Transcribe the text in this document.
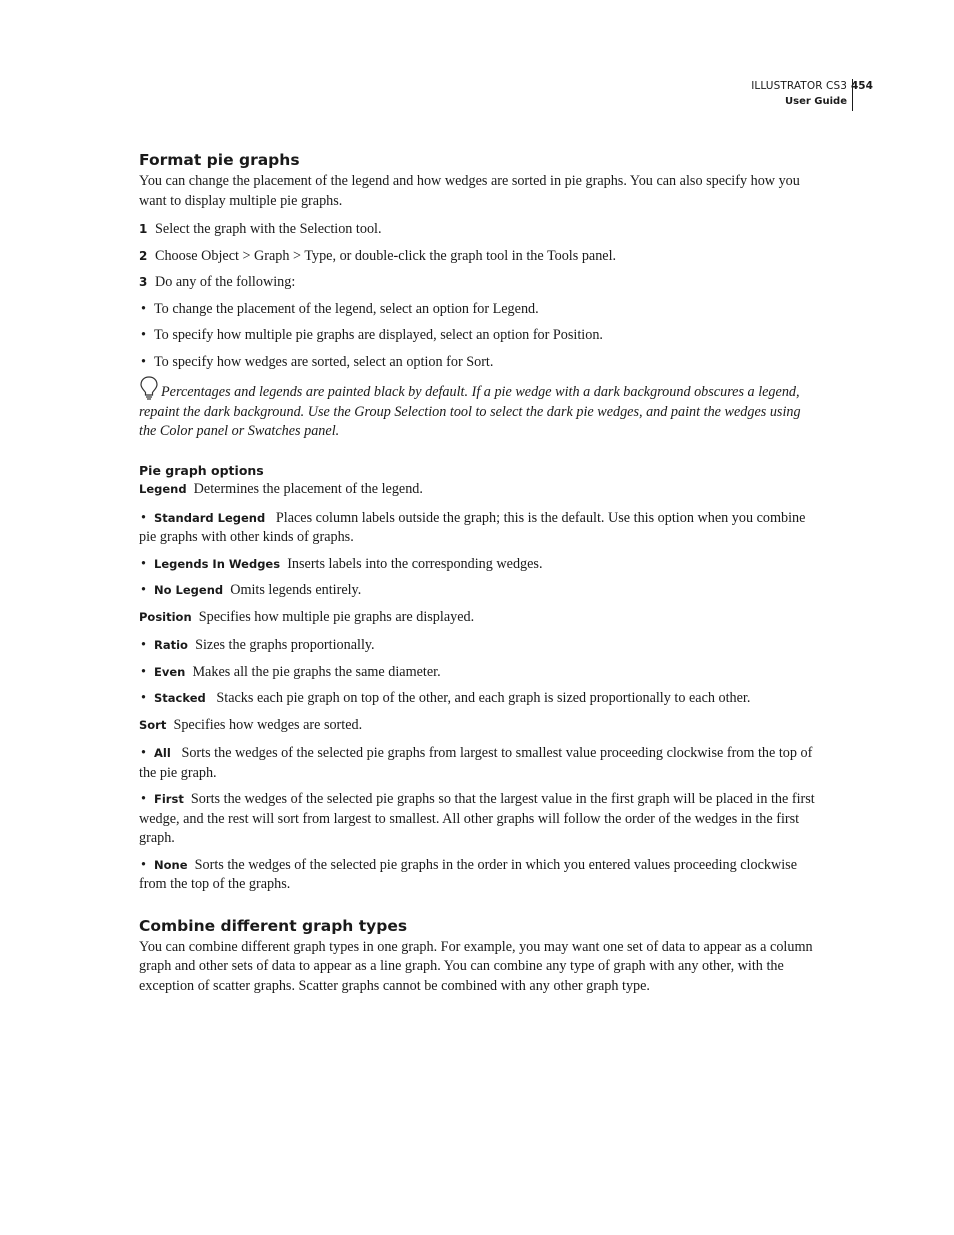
ILLUSTRATOR CS3
User Guide
454
Format pie graphs

You can change the placement of the legend and how wedges are sorted in pie graphs. You can also specify how you want to display multiple pie graphs.

1 Select the graph with the Selection tool.
2 Choose Object > Graph > Type, or double-click the graph tool in the Tools panel.
3 Do any of the following:
• To change the placement of the legend, select an option for Legend.
• To specify how multiple pie graphs are displayed, select an option for Position.
• To specify how wedges are sorted, select an option for Sort.

Percentages and legends are painted black by default. If a pie wedge with a dark background obscures a legend, repaint the dark background. Use the Group Selection tool to select the dark pie wedges, and paint the wedges using the Color panel or Swatches panel.

Pie graph options

Legend Determines the placement of the legend.

• Standard Legend Places column labels outside the graph; this is the default. Use this option when you combine pie graphs with other kinds of graphs.
• Legends In Wedges Inserts labels into the corresponding wedges.
• No Legend Omits legends entirely.

Position Specifies how multiple pie graphs are displayed.

• Ratio Sizes the graphs proportionally.
• Even Makes all the pie graphs the same diameter.
• Stacked Stacks each pie graph on top of the other, and each graph is sized proportionally to each other.

Sort Specifies how wedges are sorted.

• All Sorts the wedges of the selected pie graphs from largest to smallest value proceeding clockwise from the top of the pie graph.
• First Sorts the wedges of the selected pie graphs so that the largest value in the first graph will be placed in the first wedge, and the rest will sort from largest to smallest. All other graphs will follow the order of the wedges in the first graph.
• None Sorts the wedges of the selected pie graphs in the order in which you entered values proceeding clockwise from the top of the graphs.
Combine different graph types

You can combine different graph types in one graph. For example, you may want one set of data to appear as a column graph and other sets of data to appear as a line graph. You can combine any type of graph with any other, with the exception of scatter graphs. Scatter graphs cannot be combined with any other graph type.
